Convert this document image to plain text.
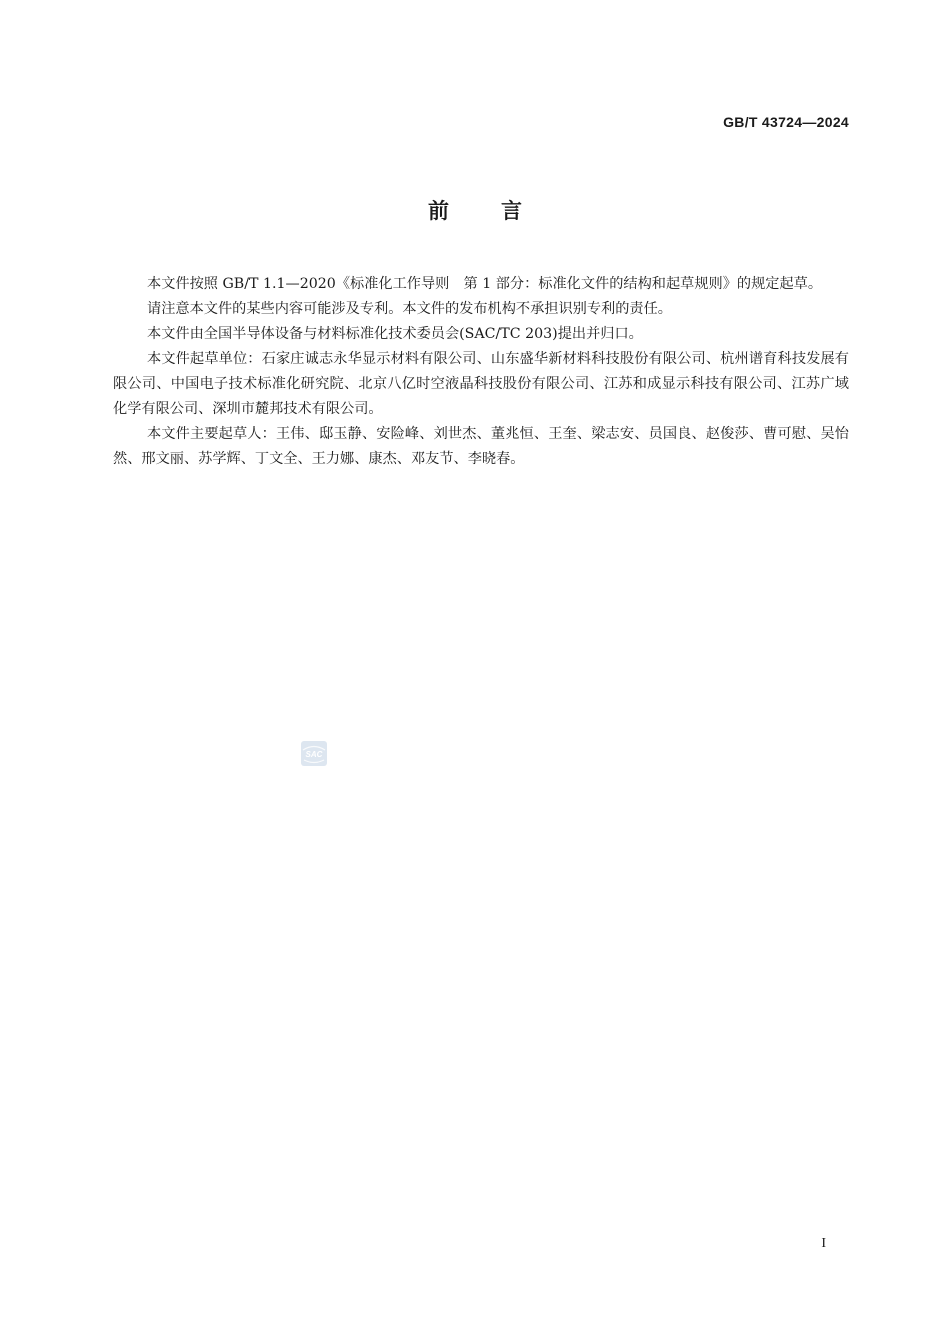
GB/T 43724—2024
前言

本文件按照 GB/T 1.1—2020《标准化工作导则　第 1 部分：标准化文件的结构和起草规则》的规定起草。

请注意本文件的某些内容可能涉及专利。本文件的发布机构不承担识别专利的责任。

本文件由全国半导体设备与材料标准化技术委员会(SAC/TC 203)提出并归口。

本文件起草单位：石家庄诚志永华显示材料有限公司、山东盛华新材料科技股份有限公司、杭州谱育科技发展有限公司、中国电子技术标准化研究院、北京八亿时空液晶科技股份有限公司、江苏和成显示科技有限公司、江苏广域化学有限公司、深圳市麓邦技术有限公司。

本文件主要起草人：王伟、邸玉静、安险峰、刘世杰、董兆恒、王奎、梁志安、员国良、赵俊莎、曹可慰、吴怡然、邢文丽、苏学辉、丁文全、王力娜、康杰、邓友节、李晓春。

SAC
I
